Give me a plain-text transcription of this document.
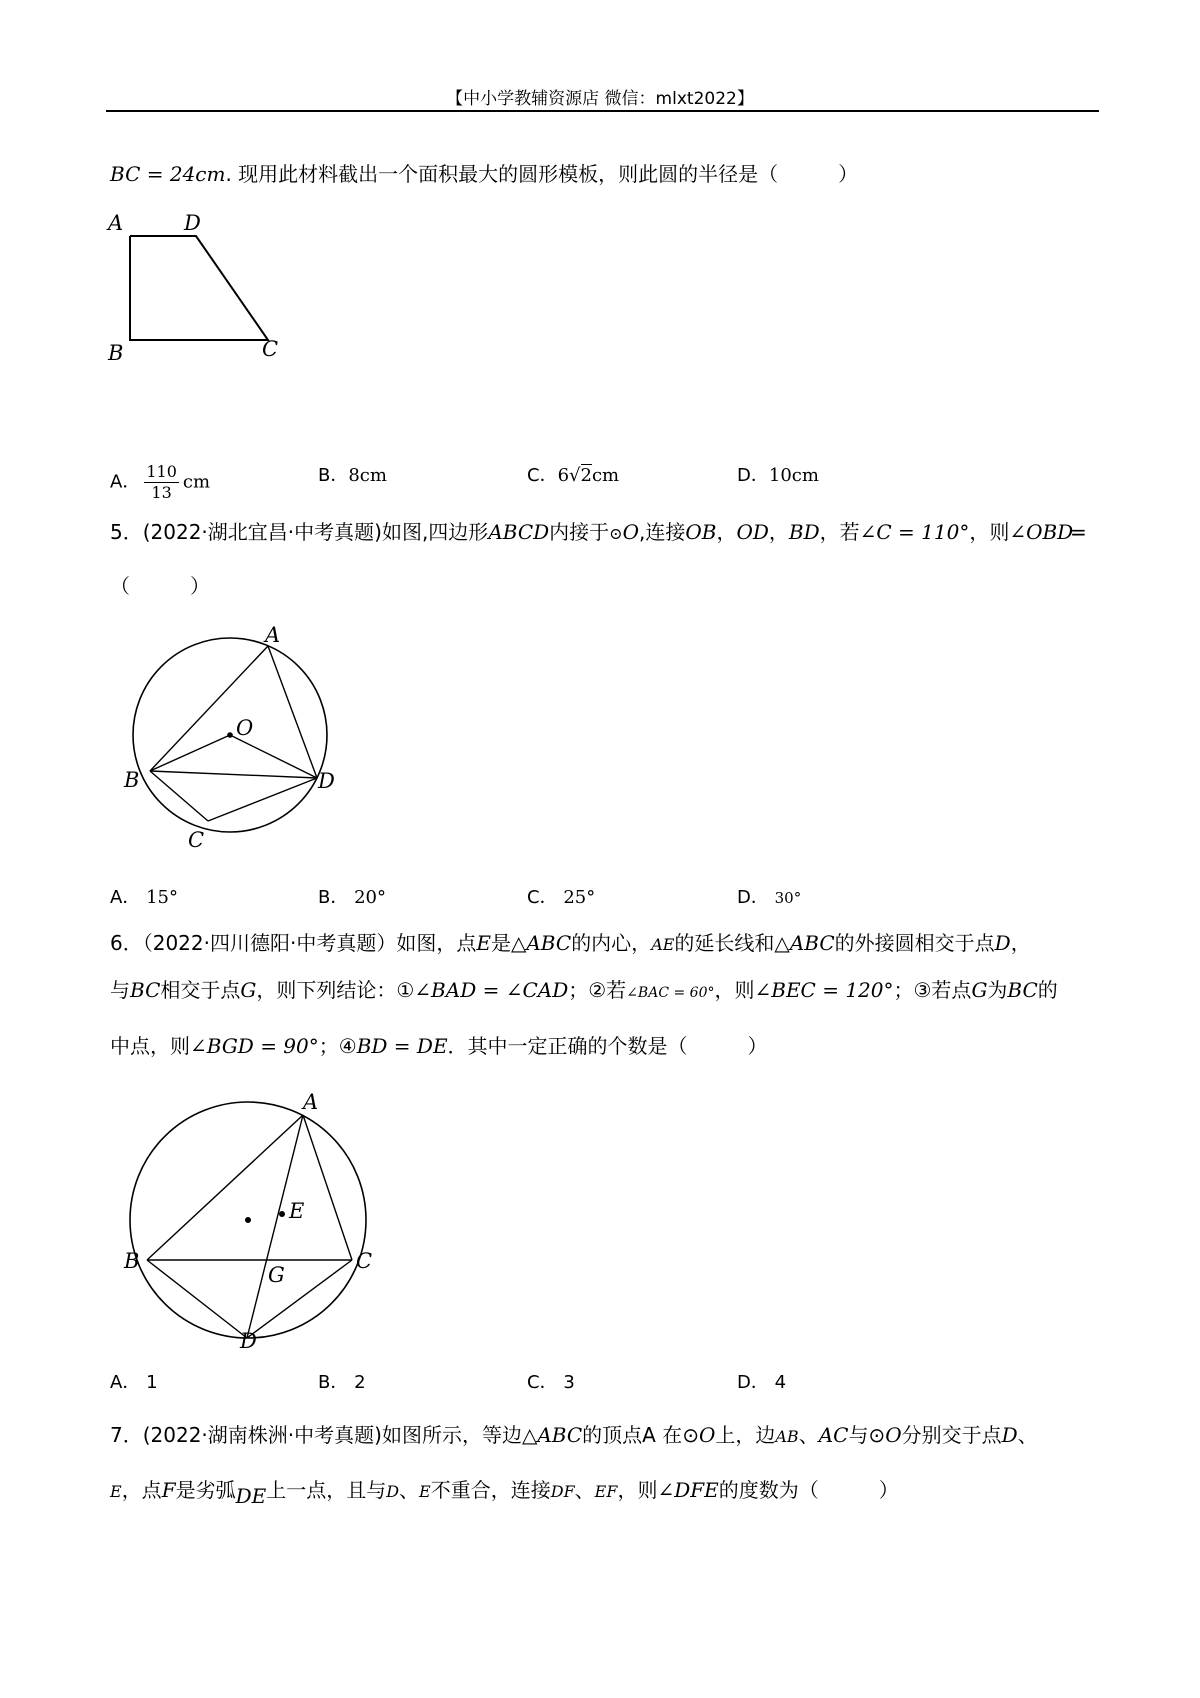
【中小学教辅资源店 微信：mlxt2022】
BC = 24cm. 现用此材料截出一个面积最大的圆形模板，则此圆的半径是（　　　）
A	D
B	C
A． $\frac{110}{13}$ cm	B．8cm	C．6√2cm	D．10cm
5．(2022·湖北宜昌·中考真题)如图,四边形ABCD内接于⊙O,连接OB，OD，BD，若∠C = 110°，则∠OBD
=
（　　　）
A
O
B	D
C
A． 15°	B． 20°	C． 25°	D． 30°
6．（2022·四川德阳·中考真题）如图，点E是△ABC的内心，AE的延长线和△ABC的外接圆相交于点D，
与BC相交于点G，则下列结论：①∠BAD = ∠CAD；②若∠BAC = 60°，则∠BEC = 120°；③若点G为BC的
中点，则∠BGD = 90°；④BD = DE．其中一定正确的个数是（　　　）
A
E
B
G
C
D
A． 1	B． 2	C． 3	D． 4
7．(2022·湖南株洲·中考真题)如图所示，等边△ABC的顶点A 在⊙O上，边AB、AC与⊙O分别交于点D、
E，点F是劣弧DE上一点，且与D、E不重合，连接DF、EF，则∠DFE的度数为（　　　）
